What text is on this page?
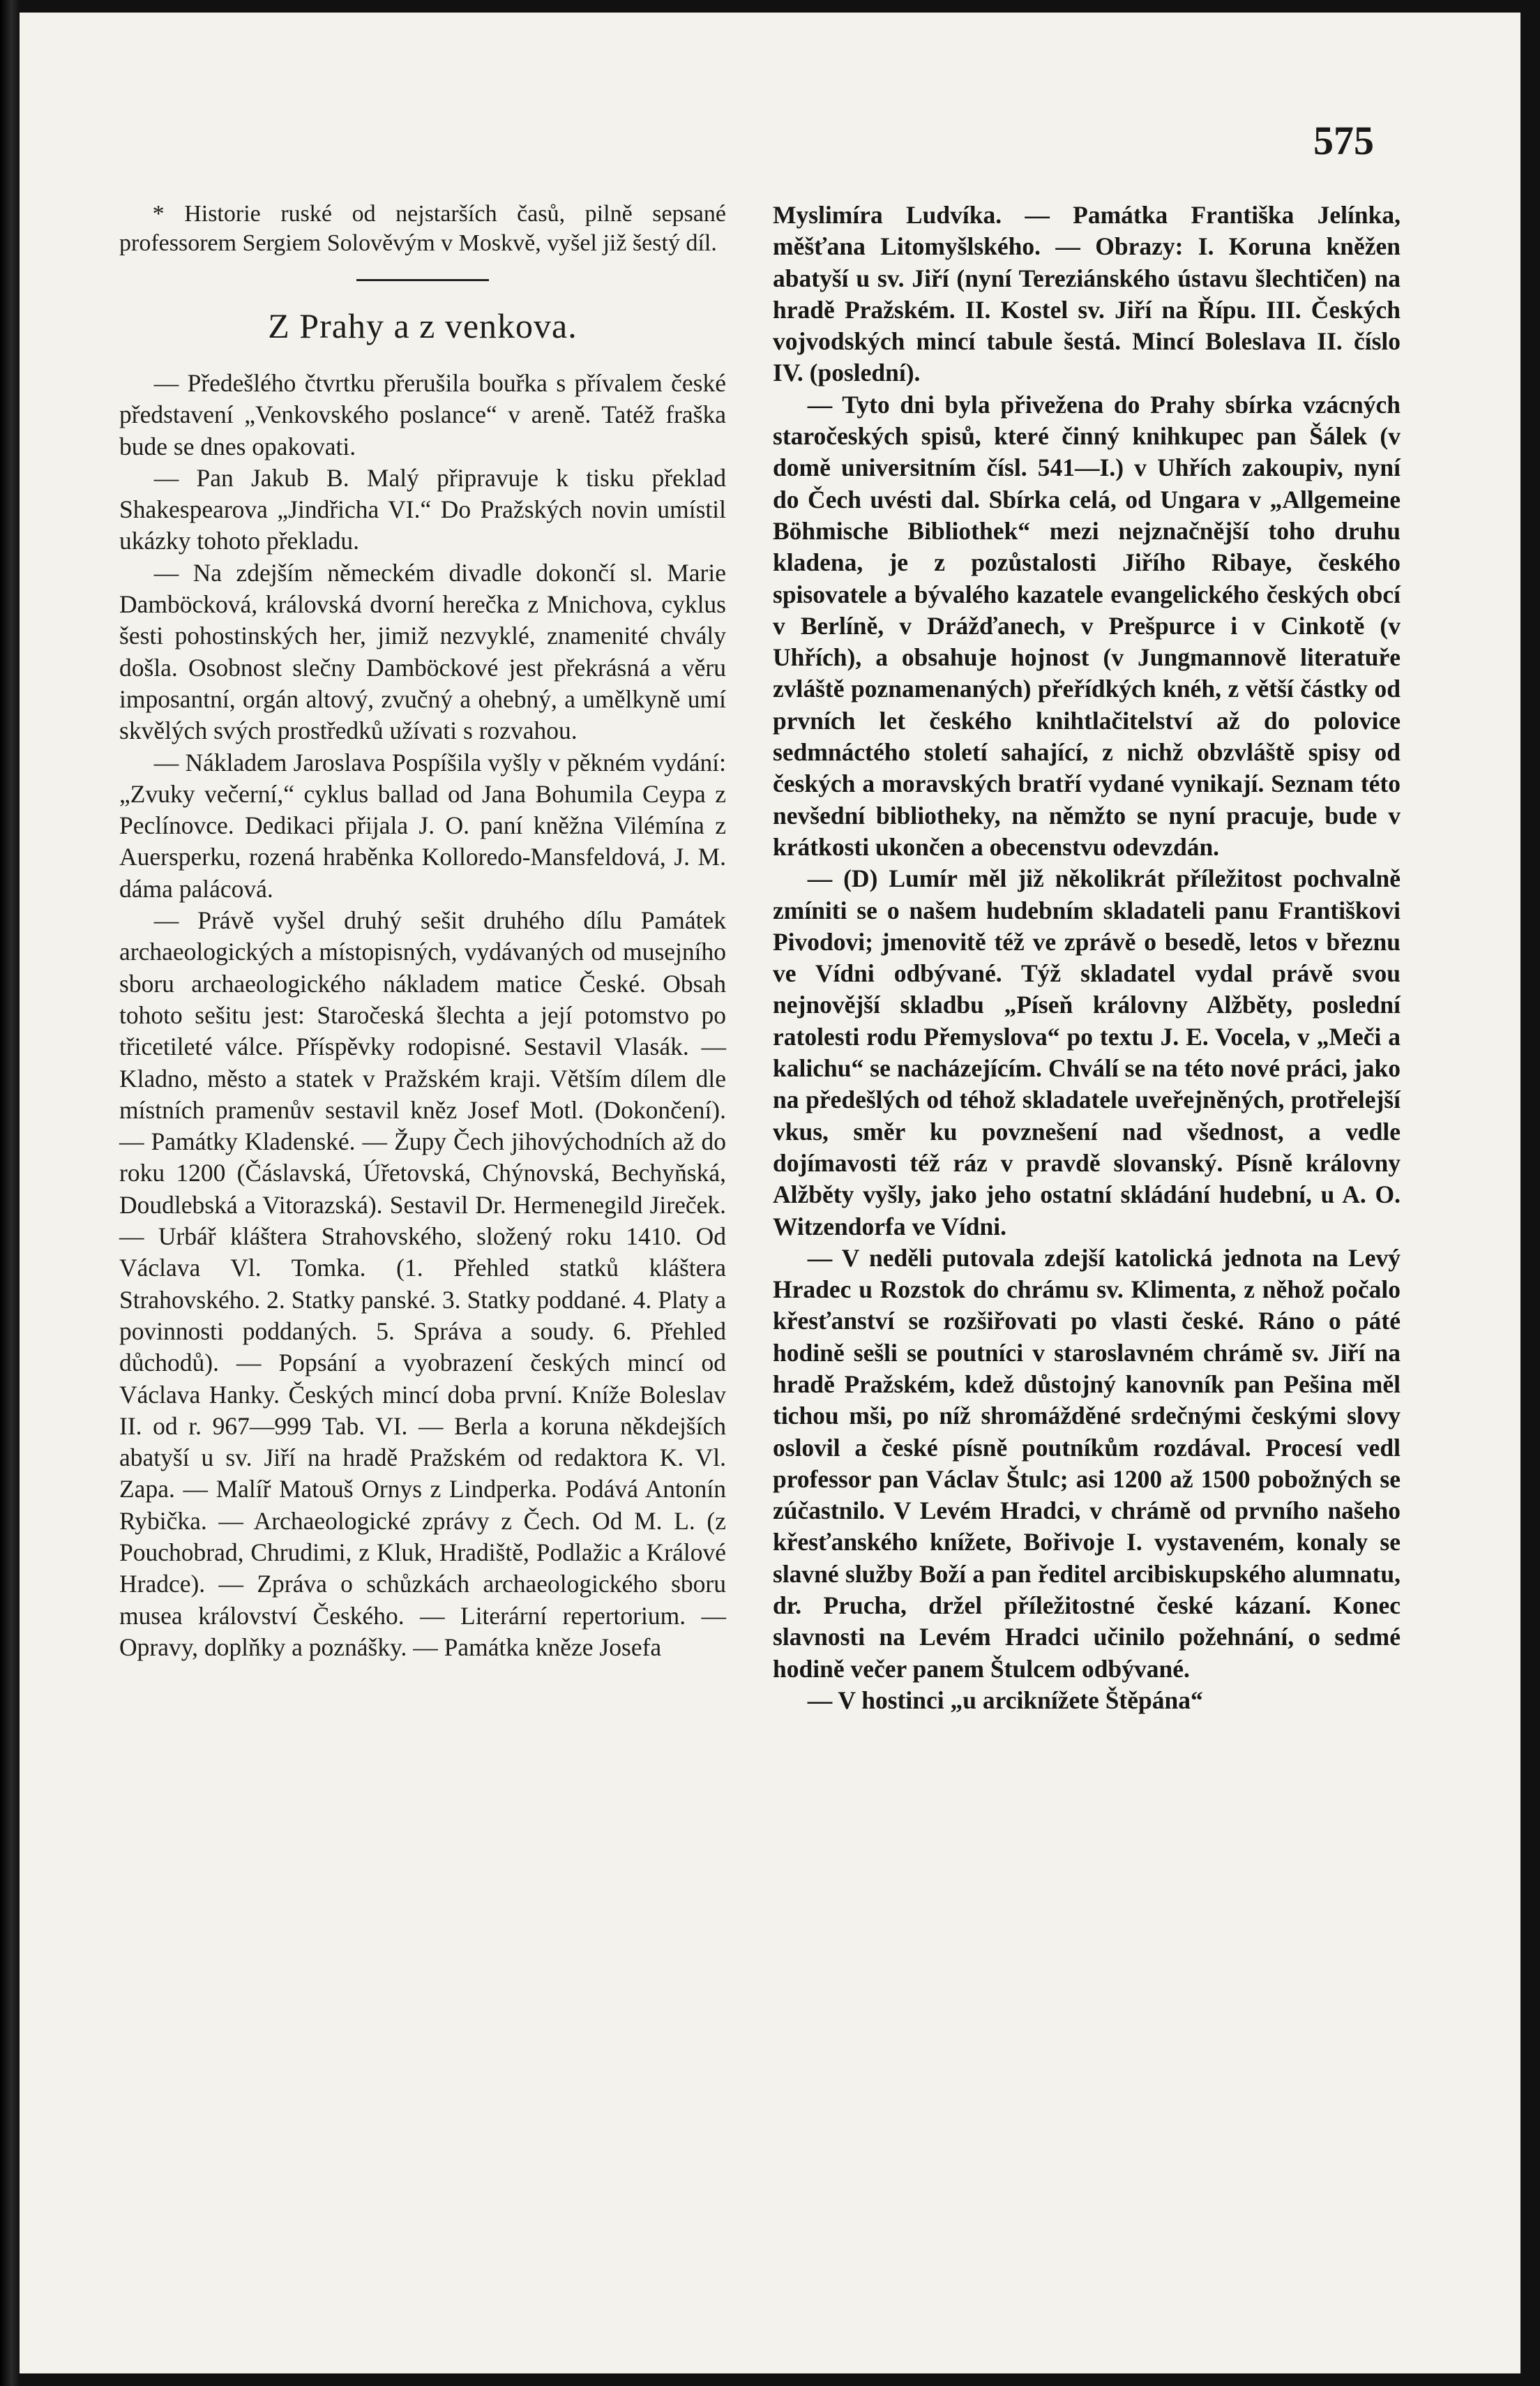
575

* Historie ruské od nejstarších časů, pilně sepsané professorem Sergiem Solověvým v Moskvě, vyšel již šestý díl.

Z Prahy a z venkova.

— Předešlého čtvrtku přerušila bouřka s přívalem české představení „Venkovského poslance“ v areně. Tatéž fraška bude se dnes opakovati.

— Pan Jakub B. Malý připravuje k tisku překlad Shakespearova „Jindřicha VI.“ Do Pražských novin umístil ukázky tohoto překladu.

— Na zdejším německém divadle dokončí sl. Marie Damböcková, královská dvorní herečka z Mnichova, cyklus šesti pohostinských her, jimiž nezvyklé, znamenité chvály došla. Osobnost slečny Damböckové jest překrásná a věru imposantní, orgán altový, zvučný a ohebný, a umělkyně umí skvělých svých prostředků užívati s rozvahou.

— Nákladem Jaroslava Pospíšila vyšly v pěkném vydání: „Zvuky večerní,“ cyklus ballad od Jana Bohumila Ceypa z Peclínovce. Dedikaci přijala J. O. paní kněžna Vilémína z Auersperku, rozená hraběnka Kolloredo-Mansfeldová, J. M. dáma palácová.

— Právě vyšel druhý sešit druhého dílu Památek archaeologických a místopisných, vydávaných od musejního sboru archaeologického nákladem matice České. Obsah tohoto sešitu jest: Staročeská šlechta a její potomstvo po třicetileté válce. Příspěvky rodopisné. Sestavil Vlasák. — Kladno, město a statek v Pražském kraji. Větším dílem dle místních pramenův sestavil kněz Josef Motl. (Dokončení). — Památky Kladenské. — Župy Čech jihovýchodních až do roku 1200 (Čáslavská, Úřetovská, Chýnovská, Bechyňská, Doudlebská a Vitorazská). Sestavil Dr. Hermenegild Jireček. — Urbář kláštera Strahovského, složený roku 1410. Od Václava Vl. Tomka. (1. Přehled statků kláštera Strahovského. 2. Statky panské. 3. Statky poddané. 4. Platy a povinnosti poddaných. 5. Správa a soudy. 6. Přehled důchodů). — Popsání a vyobrazení českých mincí od Václava Hanky. Českých mincí doba první. Kníže Boleslav II. od r. 967—999 Tab. VI. — Berla a koruna někdejších abatyší u sv. Jiří na hradě Pražském od redaktora K. Vl. Zapa. — Malíř Matouš Ornys z Lindperka. Podává Antonín Rybička. — Archaeologické zprávy z Čech. Od M. L. (z Pouchobrad, Chrudimi, z Kluk, Hradiště, Podlažic a Králové Hradce). — Zpráva o schůzkách archaeologického sboru musea království Českého. — Literární repertorium. — Opravy, doplňky a poznášky. — Památka kněze Josefa

Myslimíra Ludvíka. — Památka Františka Jelínka, měšťana Litomyšlského. — Obrazy: I. Koruna kněžen abatyší u sv. Jiří (nyní Tereziánského ústavu šlechtičen) na hradě Pražském. II. Kostel sv. Jiří na Řípu. III. Českých vojvodských mincí tabule šestá. Mincí Boleslava II. číslo IV. (poslední).

— Tyto dni byla přivežena do Prahy sbírka vzácných staročeských spisů, které činný knihkupec pan Šálek (v domě universitním čísl. 541—I.) v Uhřích zakoupiv, nyní do Čech uvésti dal. Sbírka celá, od Ungara v „Allgemeine Böhmische Bibliothek“ mezi nejznačnější toho druhu kladena, je z pozůstalosti Jiřího Ribaye, českého spisovatele a bývalého kazatele evangelického českých obcí v Berlíně, v Drážďanech, v Prešpurce i v Cinkotě (v Uhřích), a obsahuje hojnost (v Jungmannově literatuře zvláště poznamenaných) přeřídkých knéh, z větší částky od prvních let českého knihtlačitelství až do polovice sedmnáctého století sahající, z nichž obzvláště spisy od českých a moravských bratří vydané vynikají. Seznam této nevšední bibliotheky, na němžto se nyní pracuje, bude v krátkosti ukončen a obecenstvu odevzdán.

— (D) Lumír měl již několikrát příležitost pochvalně zmíniti se o našem hudebním skladateli panu Františkovi Pivodovi; jmenovitě též ve zprávě o besedě, letos v březnu ve Vídni odbývané. Týž skladatel vydal právě svou nejnovější skladbu „Píseň královny Alžběty, poslední ratolesti rodu Přemyslova“ po textu J. E. Vocela, v „Meči a kalichu“ se nacházejícím. Chválí se na této nové práci, jako na předešlých od téhož skladatele uveřejněných, protřelejší vkus, směr ku povznešení nad všednost, a vedle dojímavosti též ráz v pravdě slovanský. Písně královny Alžběty vyšly, jako jeho ostatní skládání hudební, u A. O. Witzendorfa ve Vídni.

— V neděli putovala zdejší katolická jednota na Levý Hradec u Rozstok do chrámu sv. Klimenta, z něhož počalo křesťanství se rozšiřovati po vlasti české. Ráno o páté hodině sešli se poutníci v staroslavném chrámě sv. Jiří na hradě Pražském, kdež důstojný kanovník pan Pešina měl tichou mši, po níž shromážděné srdečnými českými slovy oslovil a české písně poutníkům rozdával. Procesí vedl professor pan Václav Štulc; asi 1200 až 1500 pobožných se zúčastnilo. V Levém Hradci, v chrámě od prvního našeho křesťanského knížete, Bořivoje I. vystaveném, konaly se slavné služby Boží a pan ředitel arcibiskupského alumnatu, dr. Prucha, držel příležitostné české kázaní. Konec slavnosti na Levém Hradci učinilo požehnání, o sedmé hodině večer panem Štulcem odbývané.

— V hostinci „u arciknížete Štěpána“
